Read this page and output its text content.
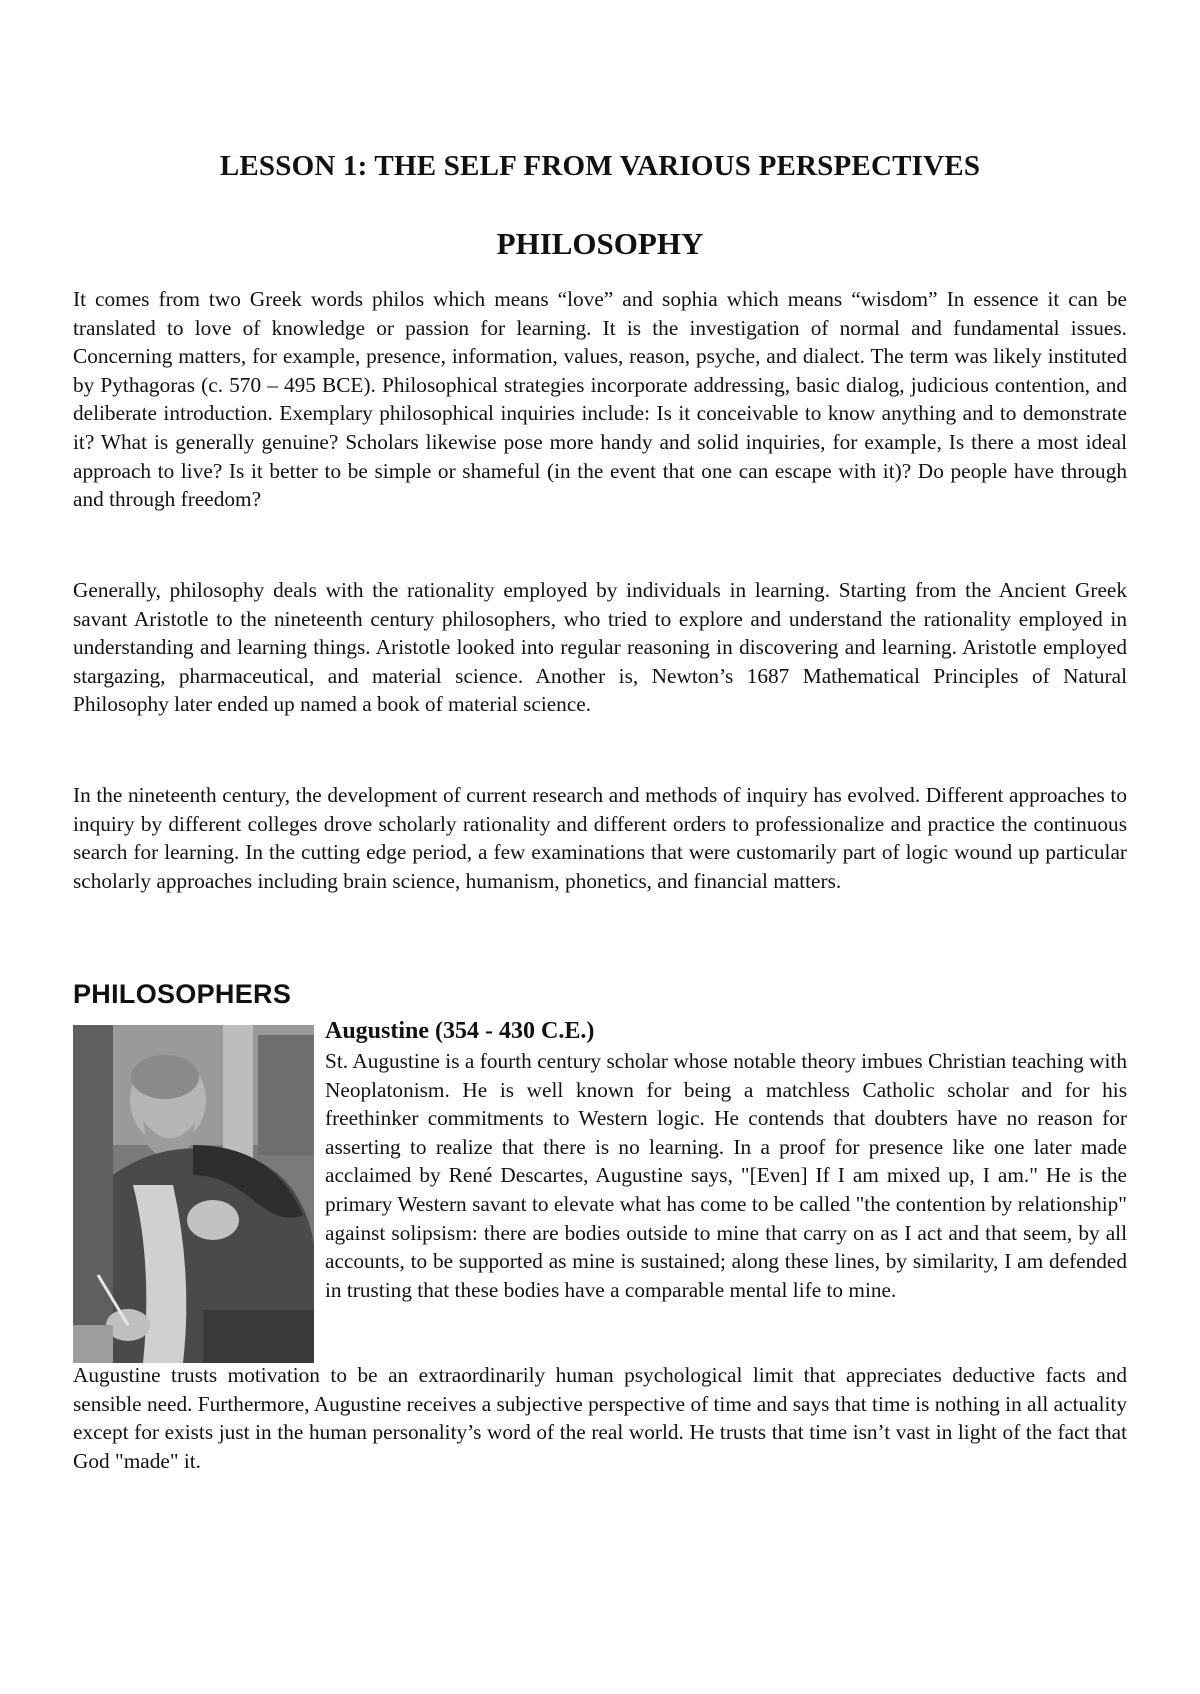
LESSON 1: THE SELF FROM VARIOUS PERSPECTIVES
PHILOSOPHY

It comes from two Greek words philos which means “love” and sophia which means “wisdom” In essence it can be translated to love of knowledge or passion for learning. It is the investigation of normal and fundamental issues. Concerning matters, for example, presence, information, values, reason, psyche, and dialect. The term was likely instituted by Pythagoras (c. 570 – 495 BCE). Philosophical strategies incorporate addressing, basic dialog, judicious contention, and deliberate introduction. Exemplary philosophical inquiries include: Is it conceivable to know anything and to demonstrate it? What is generally genuine? Scholars likewise pose more handy and solid inquiries, for example, Is there a most ideal approach to live? Is it better to be simple or shameful (in the event that one can escape with it)? Do people have through and through freedom?

Generally, philosophy deals with the rationality employed by individuals in learning. Starting from the Ancient Greek savant Aristotle to the nineteenth century philosophers, who tried to explore and understand the rationality employed in understanding and learning things. Aristotle looked into regular reasoning in discovering and learning. Aristotle employed stargazing, pharmaceutical, and material science. Another is, Newton’s 1687 Mathematical Principles of Natural Philosophy later ended up named a book of material science.

In the nineteenth century, the development of current research and methods of inquiry has evolved. Different approaches to inquiry by different colleges drove scholarly rationality and different orders to professionalize and practice the continuous search for learning. In the cutting edge period, a few examinations that were customarily part of logic wound up particular scholarly approaches including brain science, humanism, phonetics, and financial matters.

PHILOSOPHERS
Augustine (354 - 430 C.E.)

St. Augustine is a fourth century scholar whose notable theory imbues Christian teaching with Neoplatonism. He is well known for being a matchless Catholic scholar and for his freethinker commitments to Western logic. He contends that doubters have no reason for asserting to realize that there is no learning. In a proof for presence like one later made acclaimed by René Descartes, Augustine says, "[Even] If I am mixed up, I am." He is the primary Western savant to elevate what has come to be called "the contention by relationship" against solipsism: there are bodies outside to mine that carry on as I act and that seem, by all accounts, to be supported as mine is sustained; along these lines, by similarity, I am defended in trusting that these bodies have a comparable mental life to mine.

Augustine trusts motivation to be an extraordinarily human psychological limit that appreciates deductive facts and sensible need. Furthermore, Augustine receives a subjective perspective of time and says that time is nothing in all actuality except for exists just in the human personality’s word of the real world. He trusts that time isn’t vast in light of the fact that God "made" it.
